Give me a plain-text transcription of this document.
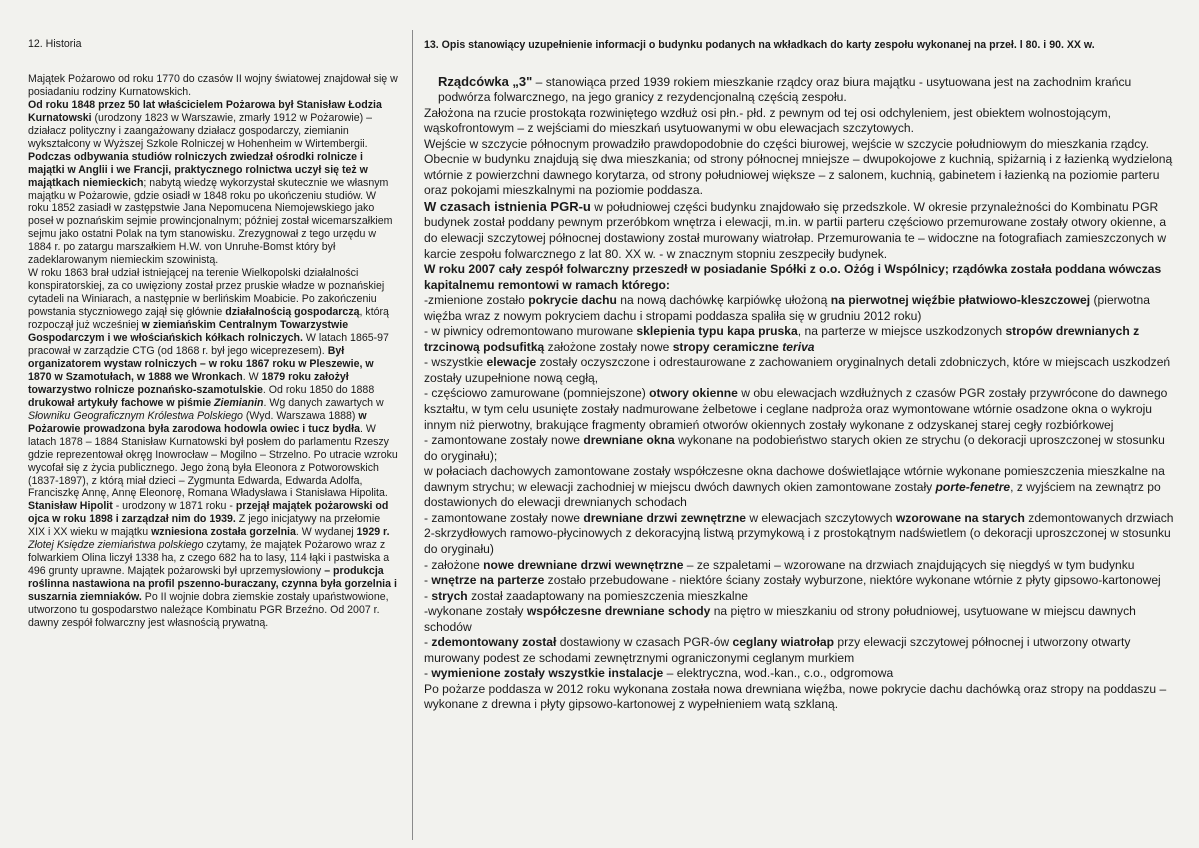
12. Historia

Majątek Pożarowo od roku 1770 do czasów II wojny światowej znajdował się w posiadaniu rodziny Kurnatowskich.

Od roku 1848 przez 50 lat właścicielem Pożarowa był Stanisław Łodzia Kurnatowski (urodzony 1823 w Warszawie, zmarły 1912 w Pożarowie) – działacz polityczny i zaangażowany działacz gospodarczy, ziemianin wykształcony w Wyższej Szkole Rolniczej w Hohenheim w Wirtembergii. Podczas odbywania studiów rolniczych zwiedzał ośrodki rolnicze i majątki w Anglii i we Francji, praktycznego rolnictwa uczył się też w majątkach niemieckich; nabytą wiedzę wykorzystał skutecznie we własnym majątku w Pożarowie, gdzie osiadł w 1848 roku po ukończeniu studiów. W roku 1852 zasiadł w zastępstwie Jana Nepomucena Niemojewskiego jako poseł w poznańskim sejmie prowincjonalnym; później został wicemarszałkiem sejmu jako ostatni Polak na tym stanowisku. Zrezygnował z tego urzędu w 1884 r. po zatargu marszałkiem H.W. von Unruhe-Bomst który był zadeklarowanym niemieckim szowinistą.

W roku 1863 brał udział istniejącej na terenie Wielkopolski działalności konspiratorskiej, za co uwięziony został przez pruskie władze w poznańskiej cytadeli na Winiarach, a następnie w berlińskim Moabicie. Po zakończeniu powstania styczniowego zajął się głównie działalnością gospodarczą, którą rozpoczął już wcześniej w ziemiańskim Centralnym Towarzystwie Gospodarczym i we włościańskich kółkach rolniczych. W latach 1865-97 pracował w zarządzie CTG (od 1868 r. był jego wiceprezesem). Był organizatorem wystaw rolniczych – w roku 1867 roku w Pleszewie, w 1870 w Szamotułach, w 1888 we Wronkach. W 1879 roku założył towarzystwo rolnicze poznańsko-szamotulskie. Od roku 1850 do 1888 drukował artykuły fachowe w piśmie Ziemianin. Wg danych zawartych w Słowniku Geograficznym Królestwa Polskiego (Wyd. Warszawa 1888) w Pożarowie prowadzona była zarodowa hodowla owiec i tucz bydła. W latach 1878 – 1884 Stanisław Kurnatowski był posłem do parlamentu Rzeszy gdzie reprezentował okręg Inowrocław – Mogilno – Strzelno. Po utracie wzroku wycofał się z życia publicznego. Jego żoną była Eleonora z Potworowskich (1837-1897), z którą miał dzieci – Zygmunta Edwarda, Edwarda Adolfa, Franciszkę Annę, Annę Eleonorę, Romana Władysława i Stanisława Hipolita. Stanisław Hipolit - urodzony w 1871 roku - przejął majątek pożarowski od ojca w roku 1898 i zarządzał nim do 1939. Z jego inicjatywy na przełomie XIX i XX wieku w majątku wzniesiona została gorzelnia. W wydanej 1929 r. Złotej Księdze ziemiaństwa polskiego czytamy, że majątek Pożarowo wraz z folwarkiem Olina liczył 1338 ha, z czego 682 ha to lasy, 114 łąki i pastwiska a 496 grunty uprawne. Majątek pożarowski był uprzemysłowiony – produkcja roślinna nastawiona na profil pszenno-buraczany, czynna była gorzelnia i suszarnia ziemniaków. Po II wojnie dobra ziemskie zostały upaństwowione, utworzono tu gospodarstwo należące Kombinatu PGR Brzeźno. Od 2007 r. dawny zespół folwarczny jest własnością prywatną.

13. Opis stanowiący uzupełnienie informacji o budynku podanych na wkładkach do karty zespołu wykonanej na przeł. l 80. i 90. XX w.

Rządcówka „3" – stanowiąca przed 1939 rokiem mieszkanie rządcy oraz biura majątku - usytuowana jest na zachodnim krańcu podwórza folwarcznego, na jego granicy z rezydencjonalną częścią zespołu.

Założona na rzucie prostokąta rozwiniętego wzdłuż osi płn.- płd. z pewnym od tej osi odchyleniem, jest obiektem wolnostojącym, wąskofrontowym – z wejściami do mieszkań usytuowanymi w obu elewacjach szczytowych.

Wejście w szczycie północnym prowadziło prawdopodobnie do części biurowej, wejście w szczycie południowym do mieszkania rządcy. Obecnie w budynku znajdują się dwa mieszkania; od strony północnej mniejsze – dwupokojowe z kuchnią, spiżarnią i z łazienką wydzieloną wtórnie z powierzchni dawnego korytarza, od strony południowej większe – z salonem, kuchnią, gabinetem i łazienką na poziomie parteru oraz pokojami mieszkalnymi na poziomie poddasza.

W czasach istnienia PGR-u w południowej części budynku znajdowało się przedszkole. W okresie przynależności do Kombinatu PGR budynek został poddany pewnym przeróbkom wnętrza i elewacji, m.in. w partii parteru częściowo przemurowane zostały otwory okienne, a do elewacji szczytowej północnej dostawiony został murowany wiatrołap. Przemurowania te – widoczne na fotografiach zamieszczonych w karcie zespołu folwarcznego z lat 80. XX w. - w znacznym stopniu zeszpeciły budynek.

W roku 2007 cały zespół folwarczny przeszedł w posiadanie Spółki z o.o. Ożóg i Wspólnicy; rządówka została poddana wówczas kapitalnemu remontowi w ramach którego:

-zmienione zostało pokrycie dachu na nową dachówkę karpiówkę ułożoną na pierwotnej więźbie płatwiowo-kleszczowej (pierwotna więźba wraz z nowym pokryciem dachu i stropami poddasza spaliła się w grudniu 2012 roku)

- w piwnicy odremontowano murowane sklepienia typu kapa pruska, na parterze w miejsce uszkodzonych stropów drewnianych z trzcinową podsufitką założone zostały nowe stropy ceramiczne teriva

- wszystkie elewacje zostały oczyszczone i odrestaurowane z zachowaniem oryginalnych detali zdobniczych, które w miejscach uszkodzeń zostały uzupełnione nową cegłą,

- częściowo zamurowane (pomniejszone) otwory okienne w obu elewacjach wzdłużnych z czasów PGR zostały przywrócone do dawnego kształtu, w tym celu usunięte zostały nadmurowane żelbetowe i ceglane nadproża oraz wymontowane wtórnie osadzone okna o wykroju innym niż pierwotny, brakujące fragmenty obramień otworów okiennych zostały wykonane z odzyskanej starej cegły rozbiórkowej

- zamontowane zostały nowe drewniane okna wykonane na podobieństwo starych okien ze strychu (o dekoracji uproszczonej w stosunku do oryginału);

w połaciach dachowych zamontowane zostały współczesne okna dachowe doświetlające wtórnie wykonane pomieszczenia mieszkalne na dawnym strychu; w elewacji zachodniej w miejscu dwóch dawnych okien zamontowane zostały porte-fenetre, z wyjściem na zewnątrz po dostawionych do elewacji drewnianych schodach

- zamontowane zostały nowe drewniane drzwi zewnętrzne w elewacjach szczytowych wzorowane na starych zdemontowanych drzwiach 2-skrzydłowych ramowo-płycinowych z dekoracyjną listwą przymykową i z prostokątnym nadświetlem (o dekoracji uproszczonej w stosunku do oryginału)

- założone nowe drewniane drzwi wewnętrzne – ze szpaletami – wzorowane na drzwiach znajdujących się niegdyś w tym budynku

- wnętrze na parterze zostało przebudowane - niektóre ściany zostały wyburzone, niektóre wykonane wtórnie z płyty gipsowo-kartonowej

- strych został zaadaptowany na pomieszczenia mieszkalne

-wykonane zostały współczesne drewniane schody na piętro w mieszkaniu od strony południowej, usytuowane w miejscu dawnych schodów

- zdemontowany został dostawiony w czasach PGR-ów ceglany wiatrołap przy elewacji szczytowej północnej i utworzony otwarty murowany podest ze schodami zewnętrznymi ograniczonymi ceglanym murkiem

- wymienione zostały wszystkie instalacje – elektryczna, wod.-kan., c.o., odgromowa

Po pożarze poddasza w 2012 roku wykonana została nowa drewniana więźba, nowe pokrycie dachu dachówką oraz stropy na poddaszu – wykonane z drewna i płyty gipsowo-kartonowej z wypełnieniem watą szklaną.
